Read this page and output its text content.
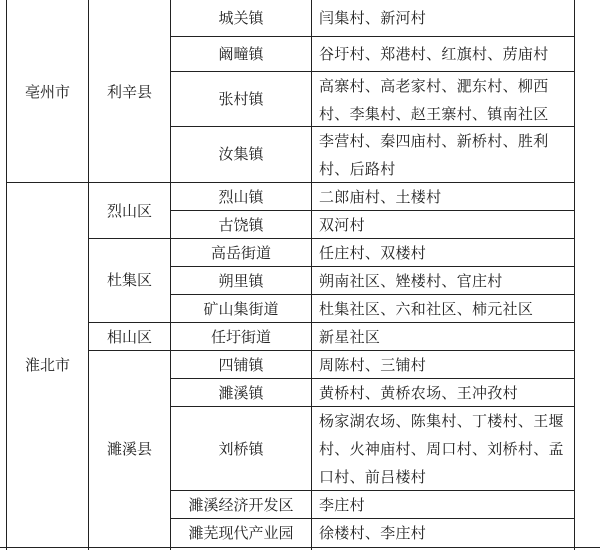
亳州市
淮北市
利辛县
烈山区
杜集区
相山区
濉溪县
城关镇
阚疃镇
张村镇
汝集镇
烈山镇
古饶镇
高岳街道
朔里镇
矿山集街道
任圩街道
四铺镇
濉溪镇
刘桥镇
濉溪经济开发区
濉芜现代产业园
闫集村、新河村
谷圩村、郑港村、红旗村、苈庙村
高寨村、高老家村、淝东村、柳西村、李集村、赵王寨村、镇南社区
李营村、秦四庙村、新桥村、胜利村、后路村
二郎庙村、土楼村
双河村
任庄村、双楼村
朔南社区、矬楼村、官庄村
杜集社区、六和社区、柿元社区
新星社区
周陈村、三铺村
黄桥村、黄桥农场、王冲孜村
杨家湖农场、陈集村、丁楼村、王堰村、火神庙村、周口村、刘桥村、孟口村、前吕楼村
李庄村
徐楼村、李庄村
